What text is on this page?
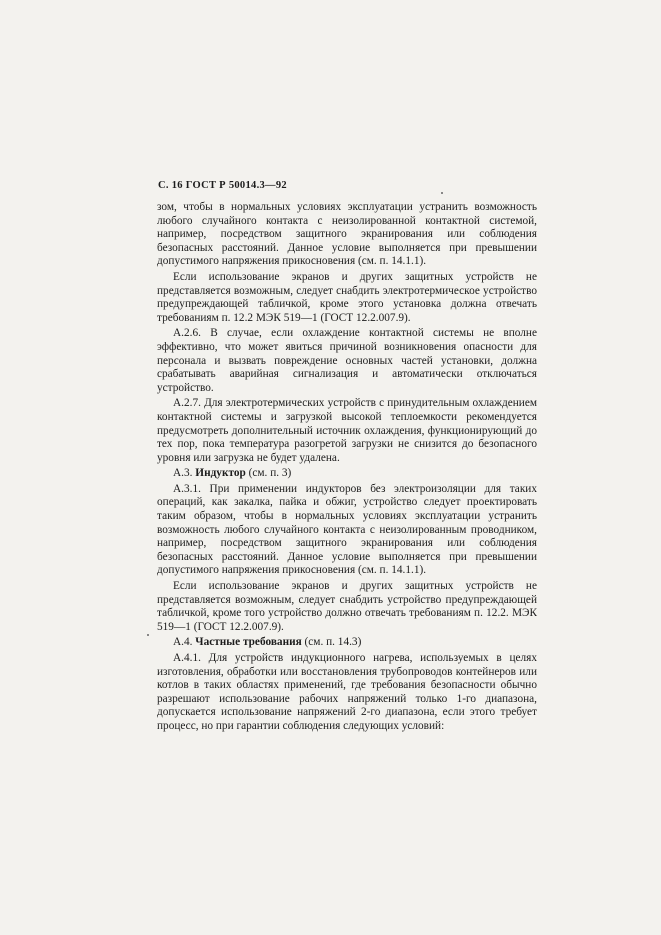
С. 16 ГОСТ Р 50014.3—92

зом, чтобы в нормальных условиях эксплуатации устранить возможность любого случайного контакта с неизолированной контактной системой, например, посредством защитного экранирования или соблюдения безопасных расстояний. Данное условие выполняется при превышении допустимого напряжения прикосновения (см. п. 14.1.1).

Если использование экранов и других защитных устройств не представляется возможным, следует снабдить электротермическое устройство предупреждающей табличкой, кроме этого установка должна отвечать требованиям п. 12.2 МЭК 519—1 (ГОСТ 12.2.007.9).

А.2.6. В случае, если охлаждение контактной системы не вполне эффективно, что может явиться причиной возникновения опасности для персонала и вызвать повреждение основных частей установки, должна срабатывать аварийная сигнализация и автоматически отключаться устройство.

А.2.7. Для электротермических устройств с принудительным охлаждением контактной системы и загрузкой высокой теплоемкости рекомендуется предусмотреть дополнительный источник охлаждения, функционирующий до тех пор, пока температура разогретой загрузки не снизится до безопасного уровня или загрузка не будет удалена.

А.3. Индуктор (см. п. 3)

А.3.1. При применении индукторов без электроизоляции для таких операций, как закалка, пайка и обжиг, устройство следует проектировать таким образом, чтобы в нормальных условиях эксплуатации устранить возможность любого случайного контакта с неизолированным проводником, например, посредством защитного экранирования или соблюдения безопасных расстояний. Данное условие выполняется при превышении допустимого напряжения прикосновения (см. п. 14.1.1).

Если использование экранов и других защитных устройств не представляется возможным, следует снабдить устройство предупреждающей табличкой, кроме того устройство должно отвечать требованиям п. 12.2. МЭК 519—1 (ГОСТ 12.2.007.9).

А.4. Частные требования (см. п. 14.3)

А.4.1. Для устройств индукционного нагрева, используемых в целях изготовления, обработки или восстановления трубопроводов контейнеров или котлов в таких областях применений, где требования безопасности обычно разрешают использование рабочих напряжений только 1-го диапазона, допускается использование напряжений 2-го диапазона, если этого требует процесс, но при гарантии соблюдения следующих условий:
